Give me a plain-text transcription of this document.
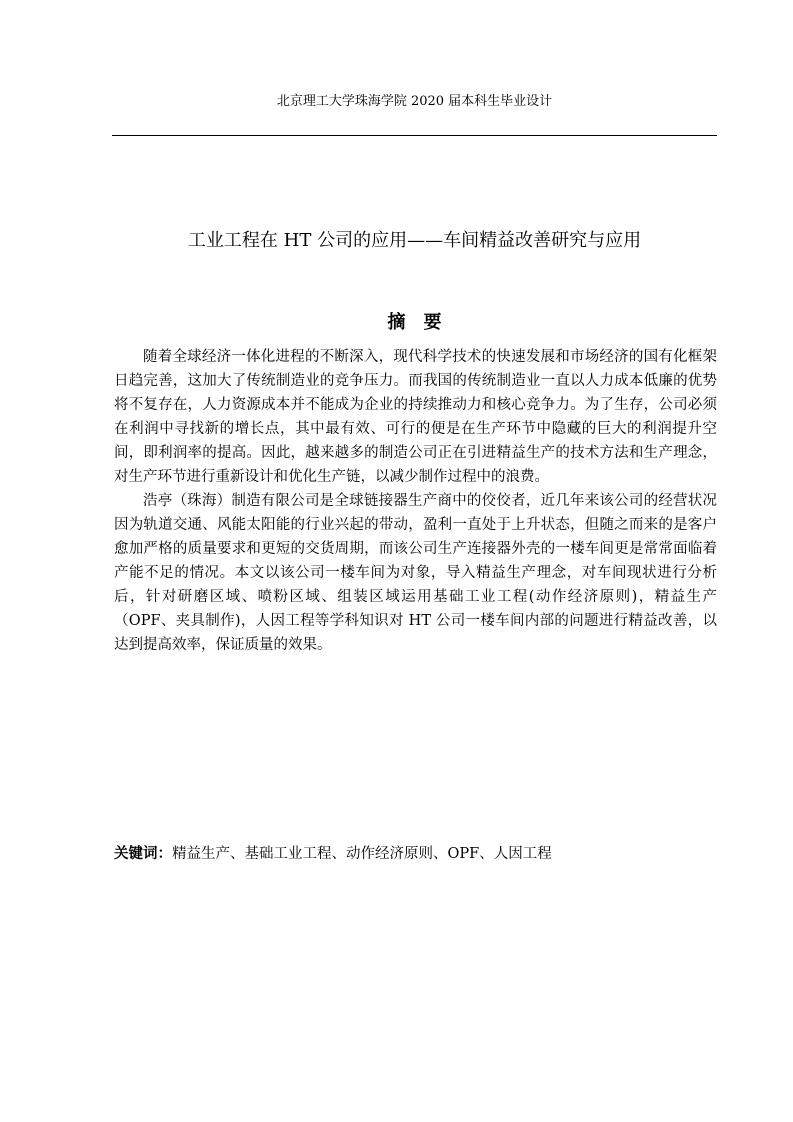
北京理工大学珠海学院 2020 届本科生毕业设计
工业工程在 HT 公司的应用——车间精益改善研究与应用
摘　要

随着全球经济一体化进程的不断深入，现代科学技术的快速发展和市场经济的国有化框架日趋完善，这加大了传统制造业的竞争压力。而我国的传统制造业一直以人力成本低廉的优势将不复存在，人力资源成本并不能成为企业的持续推动力和核心竞争力。为了生存，公司必须在利润中寻找新的增长点，其中最有效、可行的便是在生产环节中隐藏的巨大的利润提升空间，即利润率的提高。因此，越来越多的制造公司正在引进精益生产的技术方法和生产理念，对生产环节进行重新设计和优化生产链，以减少制作过程中的浪费。

浩亭（珠海）制造有限公司是全球链接器生产商中的佼佼者，近几年来该公司的经营状况因为轨道交通、风能太阳能的行业兴起的带动，盈利一直处于上升状态，但随之而来的是客户愈加严格的质量要求和更短的交货周期，而该公司生产连接器外壳的一楼车间更是常常面临着产能不足的情况。本文以该公司一楼车间为对象，导入精益生产理念，对车间现状进行分析后，针对研磨区域、喷粉区域、组装区域运用基础工业工程(动作经济原则)，精益生产（OPF、夹具制作)，人因工程等学科知识对 HT 公司一楼车间内部的问题进行精益改善，以达到提高效率，保证质量的效果。

关键词：精益生产、基础工业工程、动作经济原则、OPF、人因工程
